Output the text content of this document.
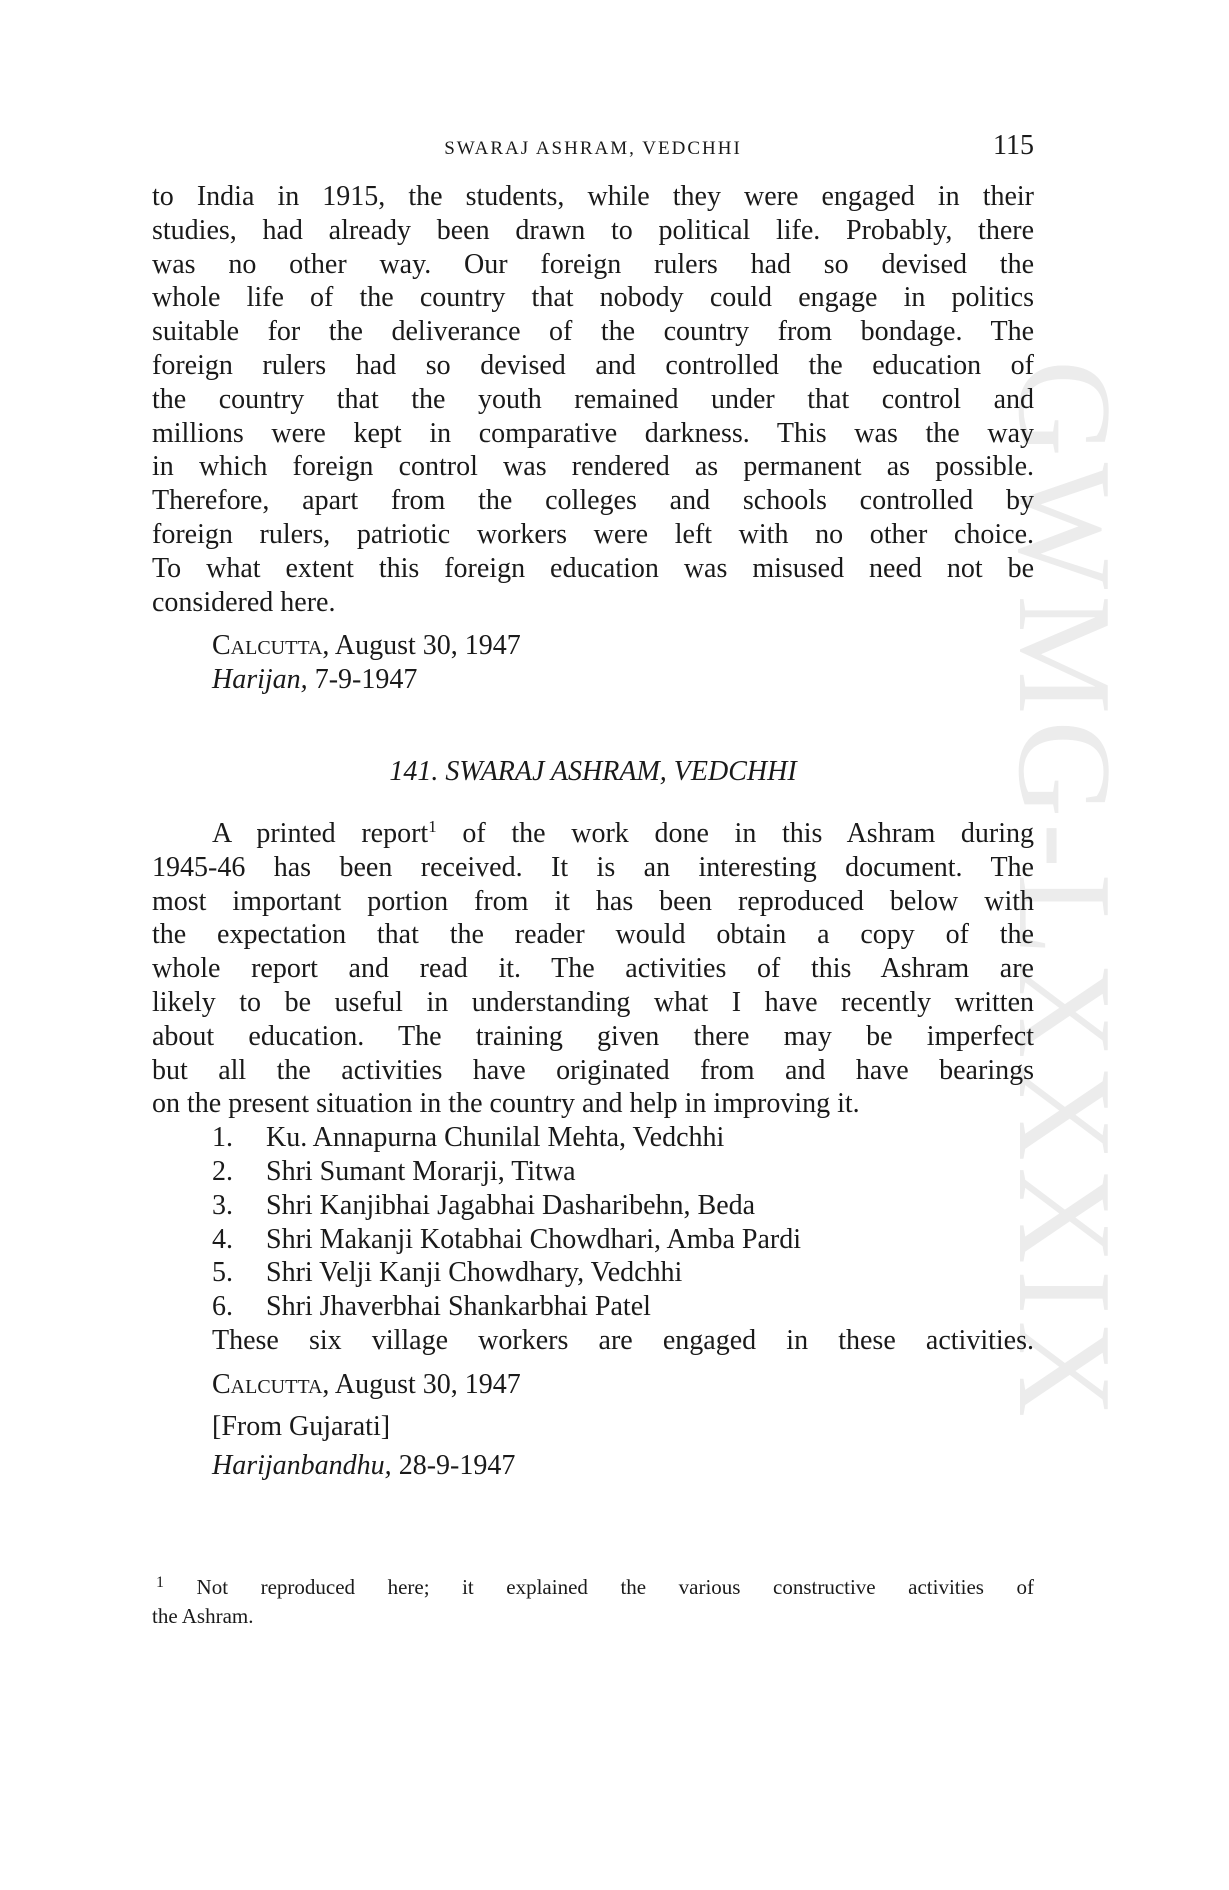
GWMG-LXXXIX
SWARAJ ASHRAM, VEDCHHI	115

to India in 1915, the students, while they were engaged in their

studies, had already been drawn to political life. Probably, there

was no other way. Our foreign rulers had so devised the

whole life of the country that nobody could engage in politics

suitable for the deliverance of the country from bondage. The

foreign rulers had so devised and controlled the education of

the country that the youth remained under that control and

millions were kept in comparative darkness. This was the way

in which foreign control was rendered as permanent as possible.

Therefore, apart from the colleges and schools controlled by

foreign rulers, patriotic workers were left with no other choice.

To what extent this foreign education was misused need not be

considered here.

Calcutta, August 30, 1947
Harijan, 7-9-1947
141. SWARAJ ASHRAM, VEDCHHI

A printed report$^1$ of the work done in this Ashram during

1945-46 has been received. It is an interesting document. The

most important portion from it has been reproduced below with

the expectation that the reader would obtain a copy of the

whole report and read it. The activities of this Ashram are

likely to be useful in understanding what I have recently written

about education. The training given there may be imperfect

but all the activities have originated from and have bearings

on the present situation in the country and help in improving it.

1. Ku. Annapurna Chunilal Mehta, Vedchhi
2. Shri Sumant Morarji, Titwa
3. Shri Kanjibhai Jagabhai Dasharibehn, Beda
4. Shri Makanji Kotabhai Chowdhari, Amba Pardi
5. Shri Velji Kanji Chowdhary, Vedchhi
6. Shri Jhaverbhai Shankarbhai Patel

These six village workers are engaged in these activities.

Calcutta, August 30, 1947
[From Gujarati]
Harijanbandhu, 28-9-1947

$^1$ Not reproduced here; it explained the various constructive activities of

the Ashram.
